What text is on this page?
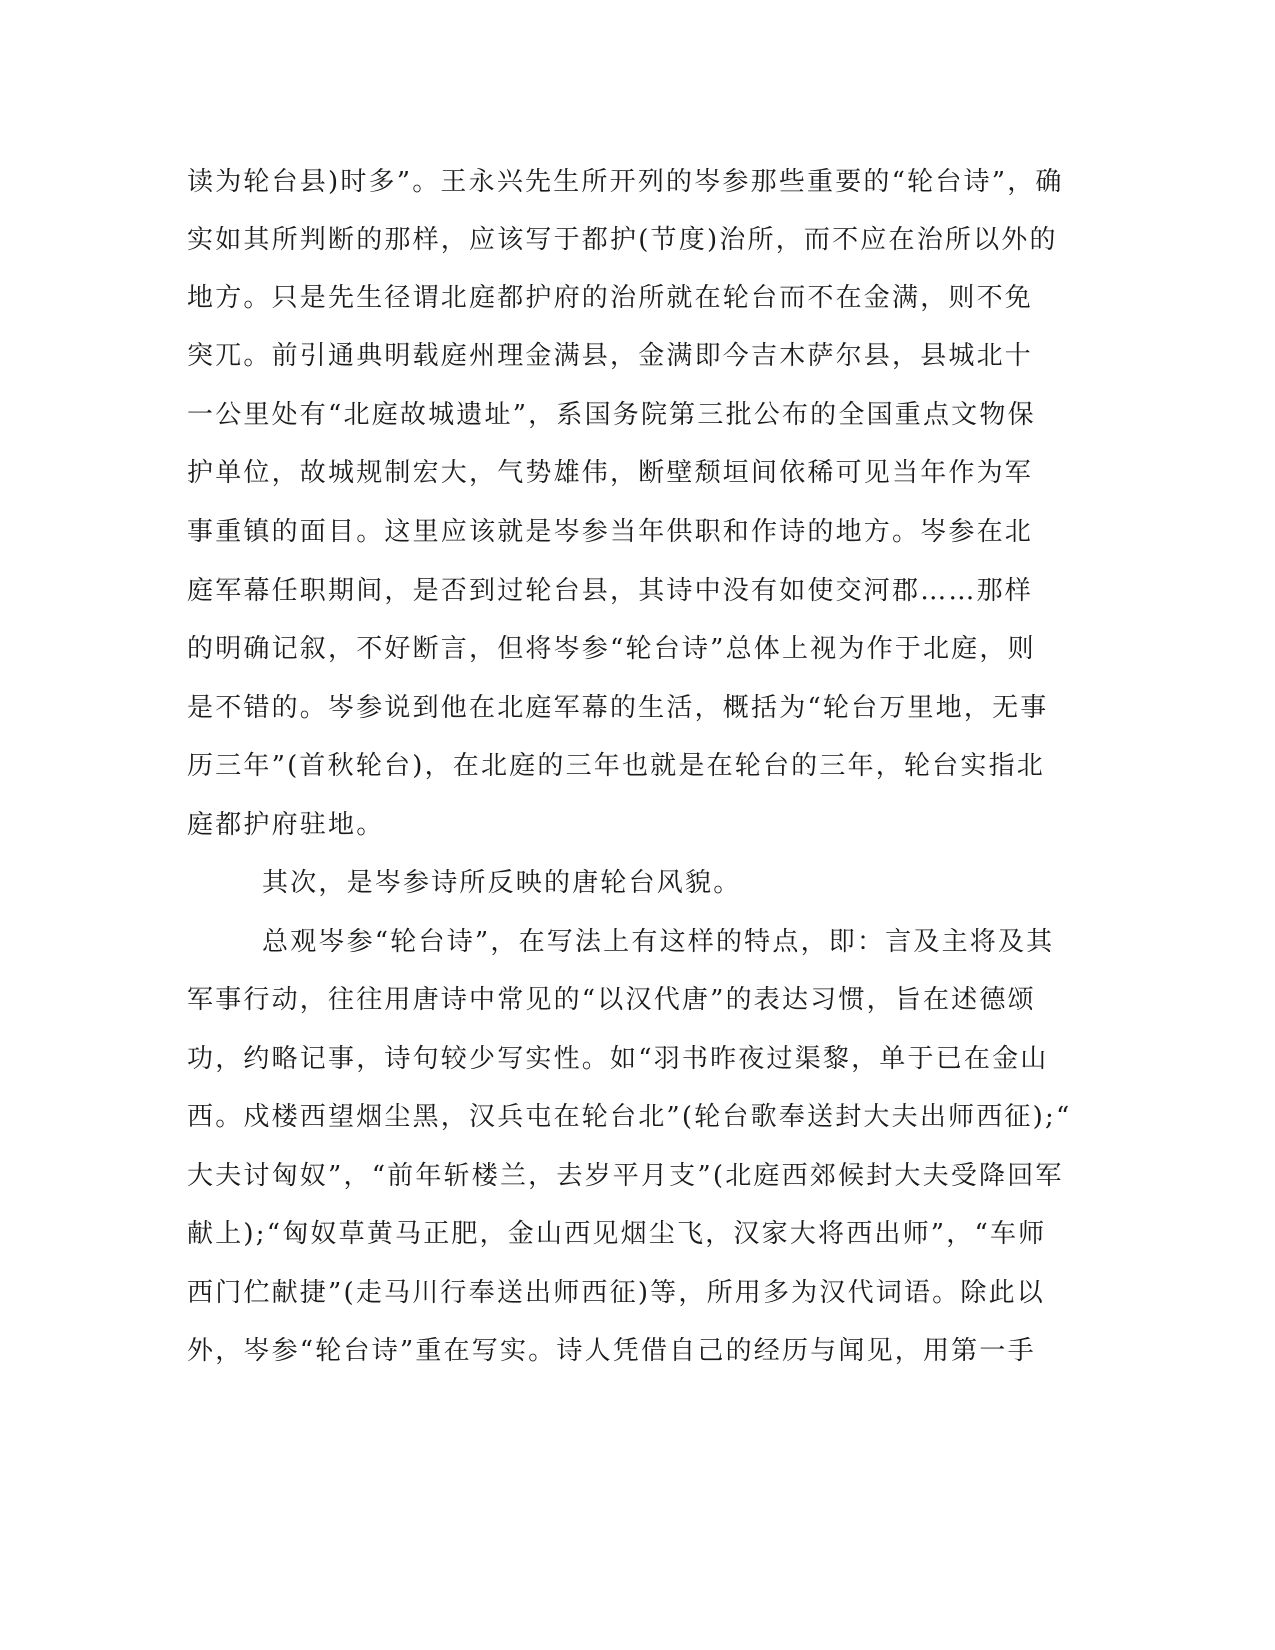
读为轮台县)时多”。王永兴先生所开列的岑参那些重要的“轮台诗”，确
实如其所判断的那样，应该写于都护(节度)治所，而不应在治所以外的
地方。只是先生径谓北庭都护府的治所就在轮台而不在金满，则不免
突兀。前引通典明载庭州理金满县，金满即今吉木萨尔县，县城北十
一公里处有“北庭故城遗址”，系国务院第三批公布的全国重点文物保
护单位，故城规制宏大，气势雄伟，断壁颓垣间依稀可见当年作为军
事重镇的面目。这里应该就是岑参当年供职和作诗的地方。岑参在北
庭军幕任职期间，是否到过轮台县，其诗中没有如使交河郡……那样
的明确记叙，不好断言，但将岑参“轮台诗”总体上视为作于北庭，则
是不错的。岑参说到他在北庭军幕的生活，概括为“轮台万里地，无事
历三年”(首秋轮台)，在北庭的三年也就是在轮台的三年，轮台实指北
庭都护府驻地。
其次，是岑参诗所反映的唐轮台风貌。
总观岑参“轮台诗”，在写法上有这样的特点，即：言及主将及其
军事行动，往往用唐诗中常见的“以汉代唐”的表达习惯，旨在述德颂
功，约略记事，诗句较少写实性。如“羽书昨夜过渠黎，单于已在金山
西。戍楼西望烟尘黑，汉兵屯在轮台北”(轮台歌奉送封大夫出师西征);“
大夫讨匈奴”，“前年斩楼兰，去岁平月支”(北庭西郊候封大夫受降回军
献上);“匈奴草黄马正肥，金山西见烟尘飞，汉家大将西出师”，“车师
西门伫献捷”(走马川行奉送出师西征)等，所用多为汉代词语。除此以
外，岑参“轮台诗”重在写实。诗人凭借自己的经历与闻见，用第一手
